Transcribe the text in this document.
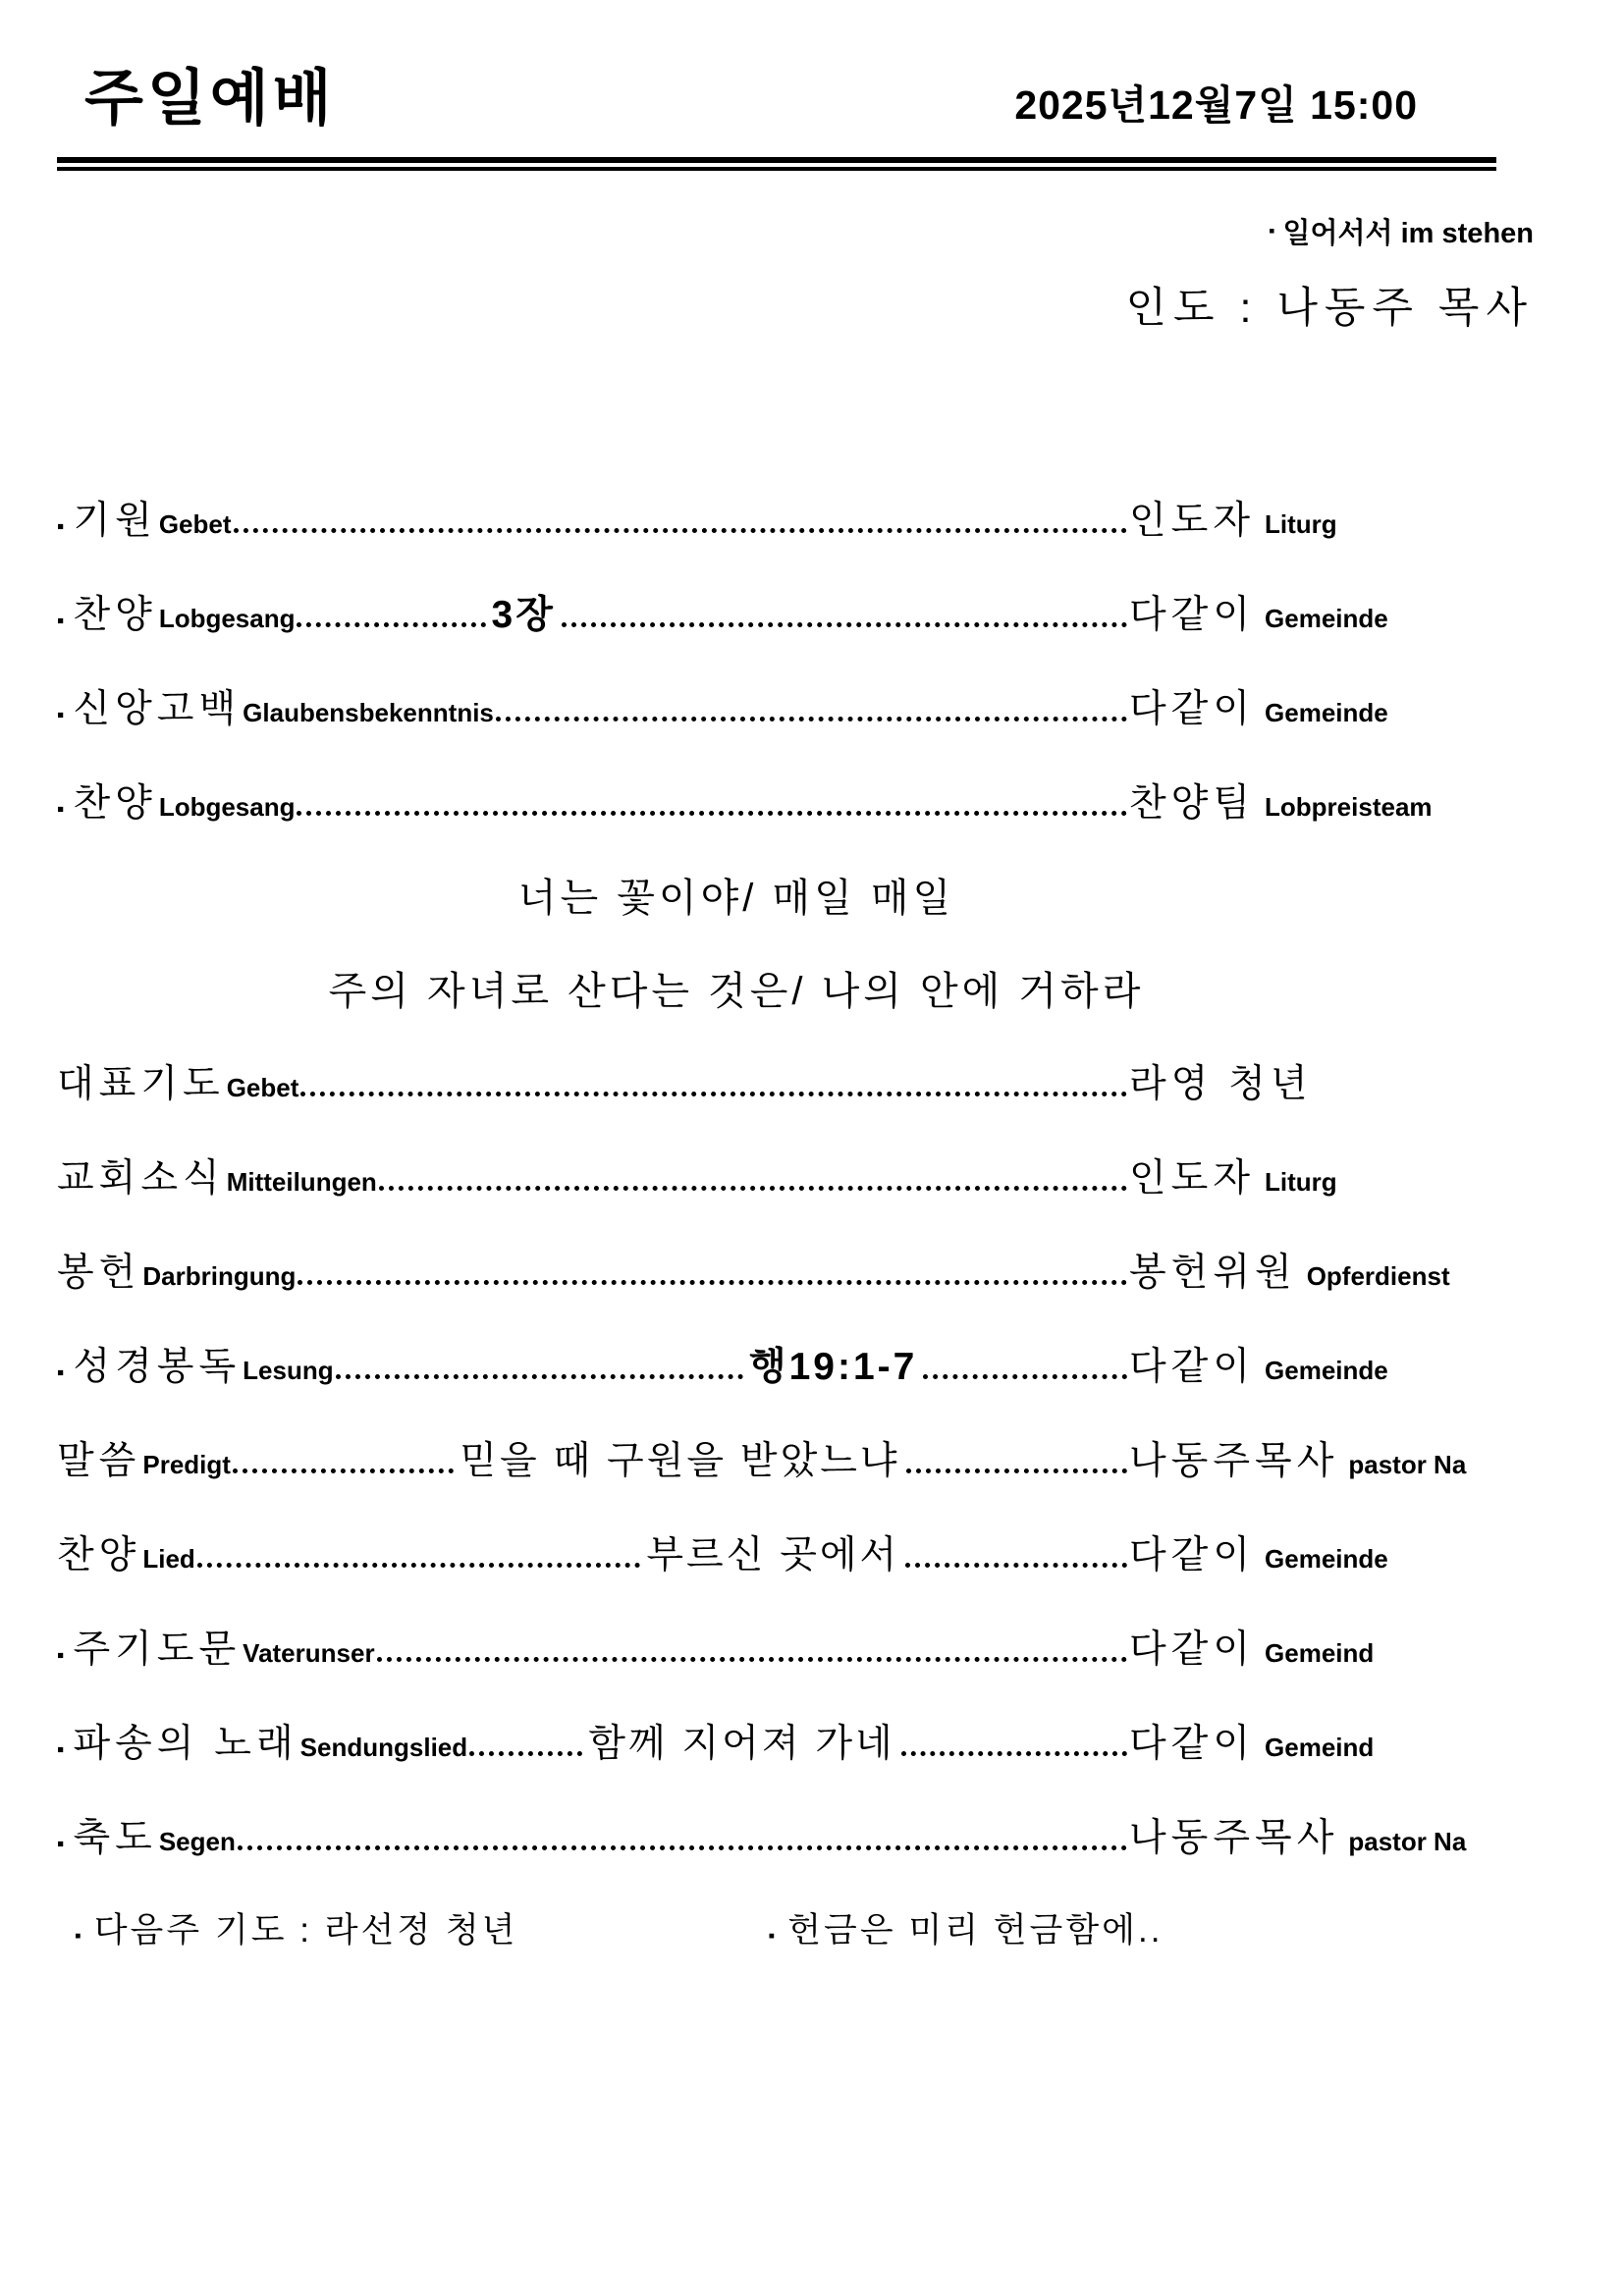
주일예배	2025년12월7일 15:00
▪ 일어서서 im stehen
인도 : 나동주 목사
▪ 기원 Gebet	인도자 Liturg
▪ 찬양 Lobgesang	3장	다같이 Gemeinde
▪ 신앙고백 Glaubensbekenntnis	다같이 Gemeinde
▪ 찬양 Lobgesang	찬양팀 Lobpreisteam
너는 꽃이야/ 매일 매일
주의 자녀로 산다는 것은/ 나의 안에 거하라
대표기도 Gebet	라영 청년
교회소식 Mitteilungen	인도자 Liturg
봉헌 Darbringung	봉헌위원 Opferdienst
▪ 성경봉독 Lesung	행19:1-7	다같이 Gemeinde
말씀 Predigt	믿을 때 구원을 받았느냐	나동주목사 pastor Na
찬양 Lied	부르신 곳에서	다같이 Gemeinde
▪ 주기도문 Vaterunser	다같이 Gemeind
▪ 파송의 노래 Sendungslied	함께 지어져 가네	다같이 Gemeind
▪ 축도 Segen	나동주목사 pastor Na
▪ 다음주 기도 : 라선정 청년	▪ 헌금은 미리 헌금함에..
